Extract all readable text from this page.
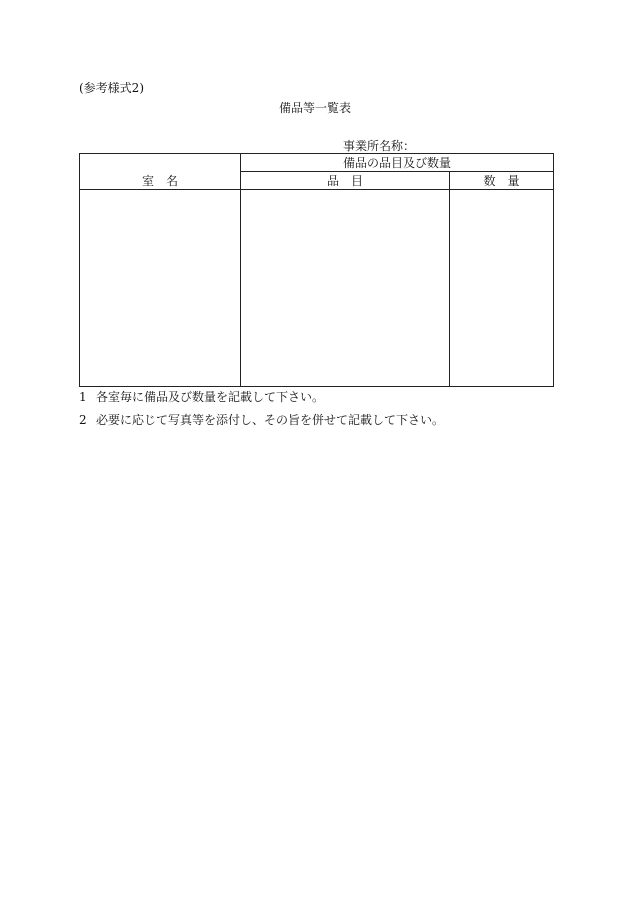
(参考様式2)
備品等一覧表
事業所名称：
室　名	備品の品目及び数量	
	品　目	数　量

1 各室毎に備品及び数量を記載して下さい。
2 必要に応じて写真等を添付し、その旨を併せて記載して下さい。
